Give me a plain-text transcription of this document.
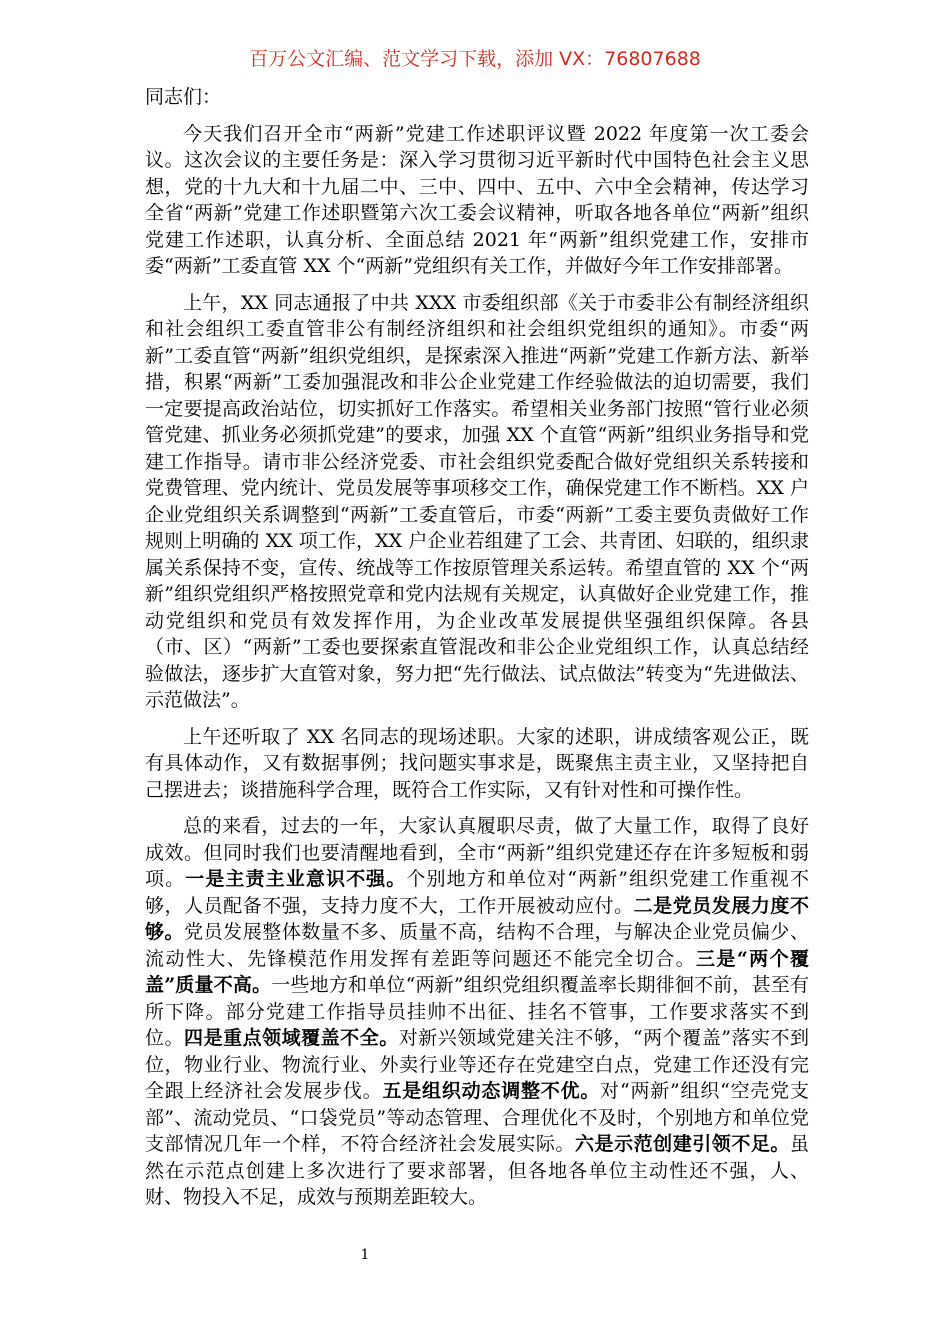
百万公文汇编、范文学习下载，添加 VX：76807688

同志们：

今天我们召开全市“两新”党建工作述职评议暨 2022 年度第一次工委会议。这次会议的主要任务是：深入学习贯彻习近平新时代中国特色社会主义思想，党的十九大和十九届二中、三中、四中、五中、六中全会精神，传达学习全省“两新”党建工作述职暨第六次工委会议精神，听取各地各单位“两新”组织党建工作述职，认真分析、全面总结 2021 年“两新”组织党建工作，安排市委“两新”工委直管 XX 个“两新”党组织有关工作，并做好今年工作安排部署。

上午，XX 同志通报了中共 XXX 市委组织部《关于市委非公有制经济组织和社会组织工委直管非公有制经济组织和社会组织党组织的通知》。市委“两新”工委直管“两新”组织党组织，是探索深入推进“两新”党建工作新方法、新举措，积累“两新”工委加强混改和非公企业党建工作经验做法的迫切需要，我们一定要提高政治站位，切实抓好工作落实。希望相关业务部门按照“管行业必须管党建、抓业务必须抓党建”的要求，加强 XX 个直管“两新”组织业务指导和党建工作指导。请市非公经济党委、市社会组织党委配合做好党组织关系转接和党费管理、党内统计、党员发展等事项移交工作，确保党建工作不断档。XX 户企业党组织关系调整到“两新”工委直管后，市委“两新”工委主要负责做好工作规则上明确的 XX 项工作，XX 户企业若组建了工会、共青团、妇联的，组织隶属关系保持不变，宣传、统战等工作按原管理关系运转。希望直管的 XX 个“两新”组织党组织严格按照党章和党内法规有关规定，认真做好企业党建工作，推动党组织和党员有效发挥作用，为企业改革发展提供坚强组织保障。各县（市、区）“两新”工委也要探索直管混改和非公企业党组织工作，认真总结经验做法，逐步扩大直管对象，努力把“先行做法、试点做法”转变为“先进做法、示范做法”。

上午还听取了 XX 名同志的现场述职。大家的述职，讲成绩客观公正，既有具体动作，又有数据事例；找问题实事求是，既聚焦主责主业，又坚持把自己摆进去；谈措施科学合理，既符合工作实际，又有针对性和可操作性。

总的来看，过去的一年，大家认真履职尽责，做了大量工作，取得了良好成效。但同时我们也要清醒地看到，全市“两新”组织党建还存在许多短板和弱项。一是主责主业意识不强。个别地方和单位对“两新”组织党建工作重视不够，人员配备不强，支持力度不大，工作开展被动应付。二是党员发展力度不够。党员发展整体数量不多、质量不高，结构不合理，与解决企业党员偏少、流动性大、先锋模范作用发挥有差距等问题还不能完全切合。三是“两个覆盖”质量不高。一些地方和单位“两新”组织党组织覆盖率长期徘徊不前，甚至有所下降。部分党建工作指导员挂帅不出征、挂名不管事，工作要求落实不到位。四是重点领域覆盖不全。对新兴领域党建关注不够，“两个覆盖”落实不到位，物业行业、物流行业、外卖行业等还存在党建空白点，党建工作还没有完全跟上经济社会发展步伐。五是组织动态调整不优。对“两新”组织“空壳党支部”、流动党员、“口袋党员”等动态管理、合理优化不及时，个别地方和单位党支部情况几年一个样，不符合经济社会发展实际。六是示范创建引领不足。虽然在示范点创建上多次进行了要求部署，但各地各单位主动性还不强，人、财、物投入不足，成效与预期差距较大。

1
